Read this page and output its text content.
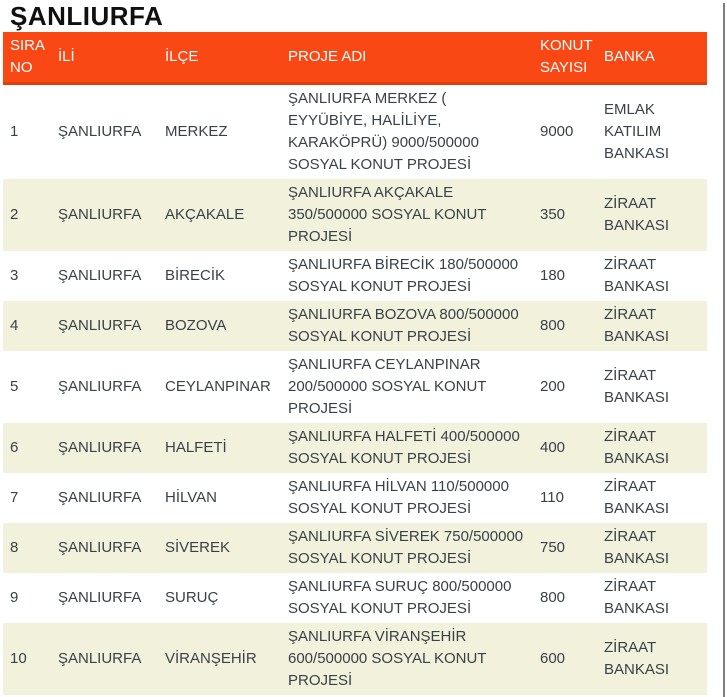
ŞANLIURFA
SIRA NO	İLİ	İLÇE	PROJE ADI	KONUT SAYISI	BANKA
1	ŞANLIURFA	MERKEZ	ŞANLIURFA MERKEZ ( EYYÜBİYE, HALİLİYE, KARAKÖPRÜ) 9000/500000 SOSYAL KONUT PROJESİ	9000	EMLAK KATILIM BANKASI
2	ŞANLIURFA	AKÇAKALE	ŞANLIURFA AKÇAKALE 350/500000 SOSYAL KONUT PROJESİ	350	ZİRAAT BANKASI
3	ŞANLIURFA	BİRECİK	ŞANLIURFA BİRECİK 180/500000 SOSYAL KONUT PROJESİ	180	ZİRAAT BANKASI
4	ŞANLIURFA	BOZOVA	ŞANLIURFA BOZOVA 800/500000 SOSYAL KONUT PROJESİ	800	ZİRAAT BANKASI
5	ŞANLIURFA	CEYLANPINAR	ŞANLIURFA CEYLANPINAR 200/500000 SOSYAL KONUT PROJESİ	200	ZİRAAT BANKASI
6	ŞANLIURFA	HALFETİ	ŞANLIURFA HALFETİ 400/500000 SOSYAL KONUT PROJESİ	400	ZİRAAT BANKASI
7	ŞANLIURFA	HİLVAN	ŞANLIURFA HİLVAN 110/500000 SOSYAL KONUT PROJESİ	110	ZİRAAT BANKASI
8	ŞANLIURFA	SİVEREK	ŞANLIURFA SİVEREK 750/500000 SOSYAL KONUT PROJESİ	750	ZİRAAT BANKASI
9	ŞANLIURFA	SURUÇ	ŞANLIURFA SURUÇ 800/500000 SOSYAL KONUT PROJESİ	800	ZİRAAT BANKASI
10	ŞANLIURFA	VİRANŞEHİR	ŞANLIURFA VİRANŞEHİR 600/500000 SOSYAL KONUT PROJESİ	600	ZİRAAT BANKASI
